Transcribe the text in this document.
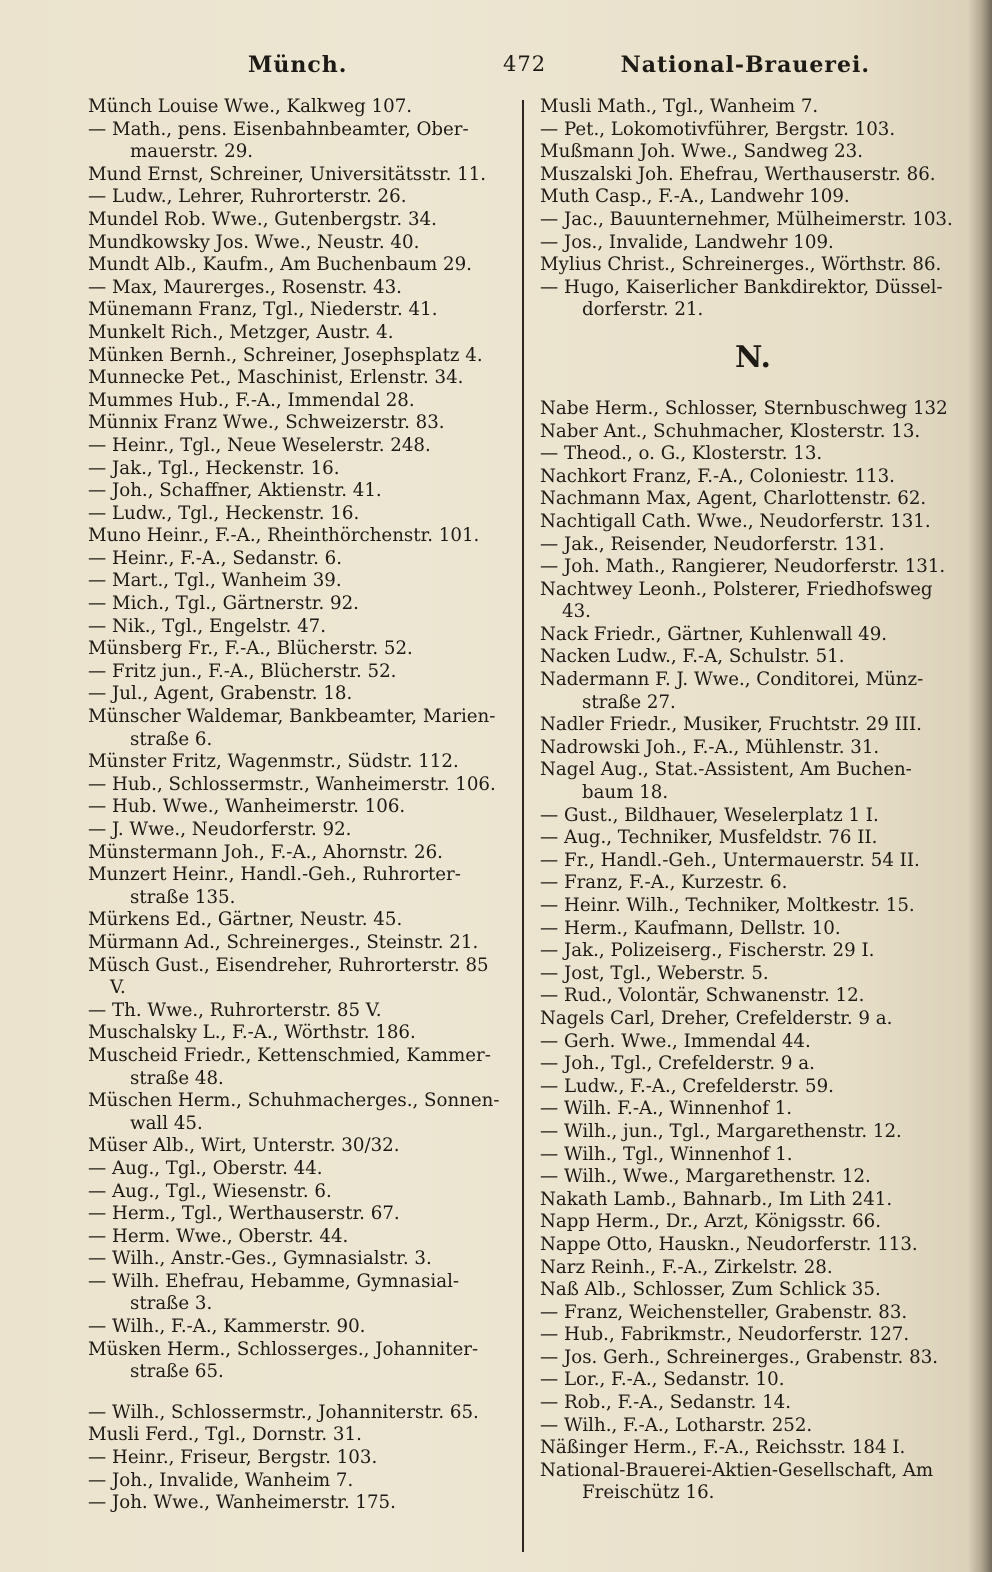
Münch.	472	National-Brauerei.
Münch Louise Wwe., Kalkweg 107.
— Math., pens. Eisenbahnbeamter, Ober-
mauerstr. 29.
Mund Ernst, Schreiner, Universitätsstr. 11.
— Ludw., Lehrer, Ruhrorterstr. 26.
Mundel Rob. Wwe., Gutenbergstr. 34.
Mundkowsky Jos. Wwe., Neustr. 40.
Mundt Alb., Kaufm., Am Buchenbaum 29.
— Max, Maurerges., Rosenstr. 43.
Münemann Franz, Tgl., Niederstr. 41.
Munkelt Rich., Metzger, Austr. 4.
Münken Bernh., Schreiner, Josephsplatz 4.
Munnecke Pet., Maschinist, Erlenstr. 34.
Mummes Hub., F.-A., Immendal 28.
Münnix Franz Wwe., Schweizerstr. 83.
— Heinr., Tgl., Neue Weselerstr. 248.
— Jak., Tgl., Heckenstr. 16.
— Joh., Schaffner, Aktienstr. 41.
— Ludw., Tgl., Heckenstr. 16.
Muno Heinr., F.-A., Rheinthörchenstr. 101.
— Heinr., F.-A., Sedanstr. 6.
— Mart., Tgl., Wanheim 39.
— Mich., Tgl., Gärtnerstr. 92.
— Nik., Tgl., Engelstr. 47.
Münsberg Fr., F.-A., Blücherstr. 52.
— Fritz jun., F.-A., Blücherstr. 52.
— Jul., Agent, Grabenstr. 18.
Münscher Waldemar, Bankbeamter, Marien-
straße 6.
Münster Fritz, Wagenmstr., Südstr. 112.
— Hub., Schlossermstr., Wanheimerstr. 106.
— Hub. Wwe., Wanheimerstr. 106.
— J. Wwe., Neudorferstr. 92.
Münstermann Joh., F.-A., Ahornstr. 26.
Munzert Heinr., Handl.-Geh., Ruhrorter-
straße 135.
Mürkens Ed., Gärtner, Neustr. 45.
Mürmann Ad., Schreinerges., Steinstr. 21.
Müsch Gust., Eisendreher, Ruhrorterstr. 85 V.
— Th. Wwe., Ruhrorterstr. 85 V.
Muschalsky L., F.-A., Wörthstr. 186.
Muscheid Friedr., Kettenschmied, Kammer-
straße 48.
Müschen Herm., Schuhmacherges., Sonnen-
wall 45.
Müser Alb., Wirt, Unterstr. 30/32.
— Aug., Tgl., Oberstr. 44.
— Aug., Tgl., Wiesenstr. 6.
— Herm., Tgl., Werthauserstr. 67.
— Herm. Wwe., Oberstr. 44.
— Wilh., Anstr.-Ges., Gymnasialstr. 3.
— Wilh. Ehefrau, Hebamme, Gymnasial-
straße 3.
— Wilh., F.-A., Kammerstr. 90.
Müsken Herm., Schlosserges., Johanniter-
straße 65.
— Wilh., Schlossermstr., Johanniterstr. 65.
Musli Ferd., Tgl., Dornstr. 31.
— Heinr., Friseur, Bergstr. 103.
— Joh., Invalide, Wanheim 7.
— Joh. Wwe., Wanheimerstr. 175.
Musli Math., Tgl., Wanheim 7.
— Pet., Lokomotivführer, Bergstr. 103.
Mußmann Joh. Wwe., Sandweg 23.
Muszalski Joh. Ehefrau, Werthauserstr. 86.
Muth Casp., F.-A., Landwehr 109.
— Jac., Bauunternehmer, Mülheimerstr. 103.
— Jos., Invalide, Landwehr 109.
Mylius Christ., Schreinerges., Wörthstr. 86.
— Hugo, Kaiserlicher Bankdirektor, Düssel-
dorferstr. 21.
N.
Nabe Herm., Schlosser, Sternbuschweg 132
Naber Ant., Schuhmacher, Klosterstr. 13.
— Theod., o. G., Klosterstr. 13.
Nachkort Franz, F.-A., Coloniestr. 113.
Nachmann Max, Agent, Charlottenstr. 62.
Nachtigall Cath. Wwe., Neudorferstr. 131.
— Jak., Reisender, Neudorferstr. 131.
— Joh. Math., Rangierer, Neudorferstr. 131.
Nachtwey Leonh., Polsterer, Friedhofsweg 43.
Nack Friedr., Gärtner, Kuhlenwall 49.
Nacken Ludw., F.-A, Schulstr. 51.
Nadermann F. J. Wwe., Conditorei, Münz-
straße 27.
Nadler Friedr., Musiker, Fruchtstr. 29 III.
Nadrowski Joh., F.-A., Mühlenstr. 31.
Nagel Aug., Stat.-Assistent, Am Buchen-
baum 18.
— Gust., Bildhauer, Weselerplatz 1 I.
— Aug., Techniker, Musfeldstr. 76 II.
— Fr., Handl.-Geh., Untermauerstr. 54 II.
— Franz, F.-A., Kurzestr. 6.
— Heinr. Wilh., Techniker, Moltkestr. 15.
— Herm., Kaufmann, Dellstr. 10.
— Jak., Polizeiserg., Fischerstr. 29 I.
— Jost, Tgl., Weberstr. 5.
— Rud., Volontär, Schwanenstr. 12.
Nagels Carl, Dreher, Crefelderstr. 9 a.
— Gerh. Wwe., Immendal 44.
— Joh., Tgl., Crefelderstr. 9 a.
— Ludw., F.-A., Crefelderstr. 59.
— Wilh. F.-A., Winnenhof 1.
— Wilh., jun., Tgl., Margarethenstr. 12.
— Wilh., Tgl., Winnenhof 1.
— Wilh., Wwe., Margarethenstr. 12.
Nakath Lamb., Bahnarb., Im Lith 241.
Napp Herm., Dr., Arzt, Königsstr. 66.
Nappe Otto, Hauskn., Neudorferstr. 113.
Narz Reinh., F.-A., Zirkelstr. 28.
Naß Alb., Schlosser, Zum Schlick 35.
— Franz, Weichensteller, Grabenstr. 83.
— Hub., Fabrikmstr., Neudorferstr. 127.
— Jos. Gerh., Schreinerges., Grabenstr. 83.
— Lor., F.-A., Sedanstr. 10.
— Rob., F.-A., Sedanstr. 14.
— Wilh., F.-A., Lotharstr. 252.
Näßinger Herm., F.-A., Reichsstr. 184 I.
National-Brauerei-Aktien-Gesellschaft, Am
Freischütz 16.
